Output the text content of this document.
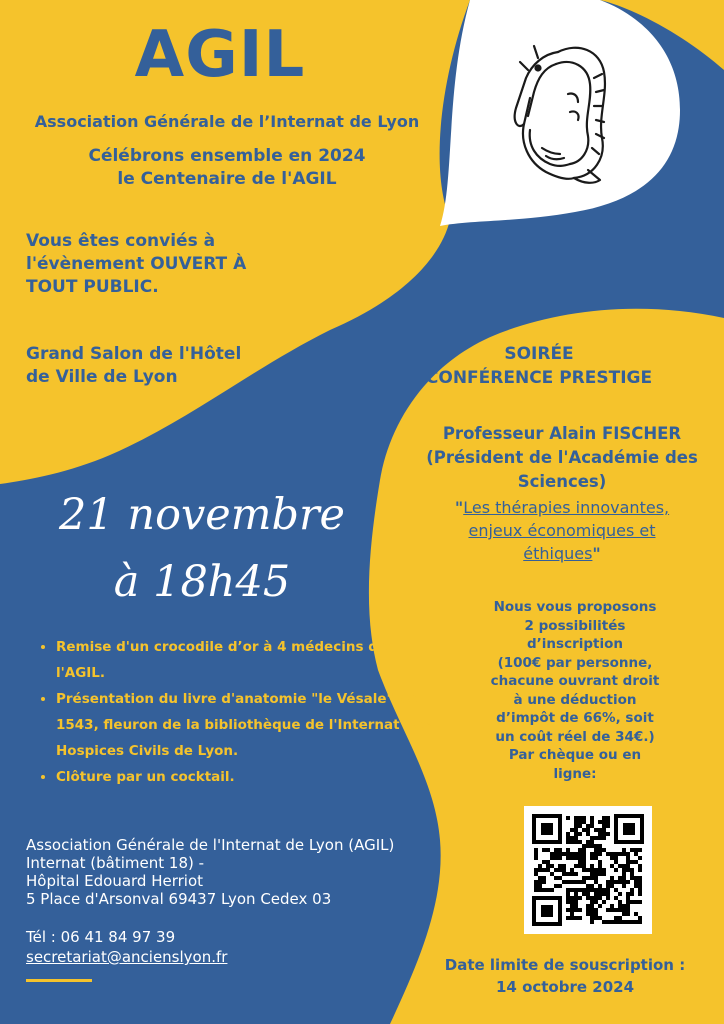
AGIL
Association Générale de l’Internat de Lyon
Célébrons ensemble en 2024
le Centenaire de l'AGIL
Vous êtes conviés à
l'évènement OUVERT À
TOUT PUBLIC.
Grand Salon de l'Hôtel
de Ville de Lyon
21 novembre
à 18h45
• Remise d'un crocodile d’or à 4 médecins de l'AGIL.
• Présentation du livre d'anatomie "le Vésale" de 1543, fleuron de la bibliothèque de l'Internat des Hospices Civils de Lyon.
• Clôture par un cocktail.
Association Générale de l'Internat de Lyon (AGIL)
Internat (bâtiment 18) -
Hôpital Edouard Herriot
5 Place d'Arsonval 69437 Lyon Cedex 03
Tél : 06 41 84 97 39
secretariat@ancienslyon.fr
SOIRÉE
CONFÉRENCE PRESTIGE
Professeur Alain FISCHER
(Président de l'Académie des
Sciences)
"Les thérapies innovantes,
enjeux économiques et
éthiques"
Nous vous proposons
2 possibilités
d’inscription
(100€ par personne,
chacune ouvrant droit
à une déduction
d’impôt de 66%, soit
un coût réel de 34€.)
Par chèque ou en
ligne:
Date limite de souscription :
14 octobre 2024
